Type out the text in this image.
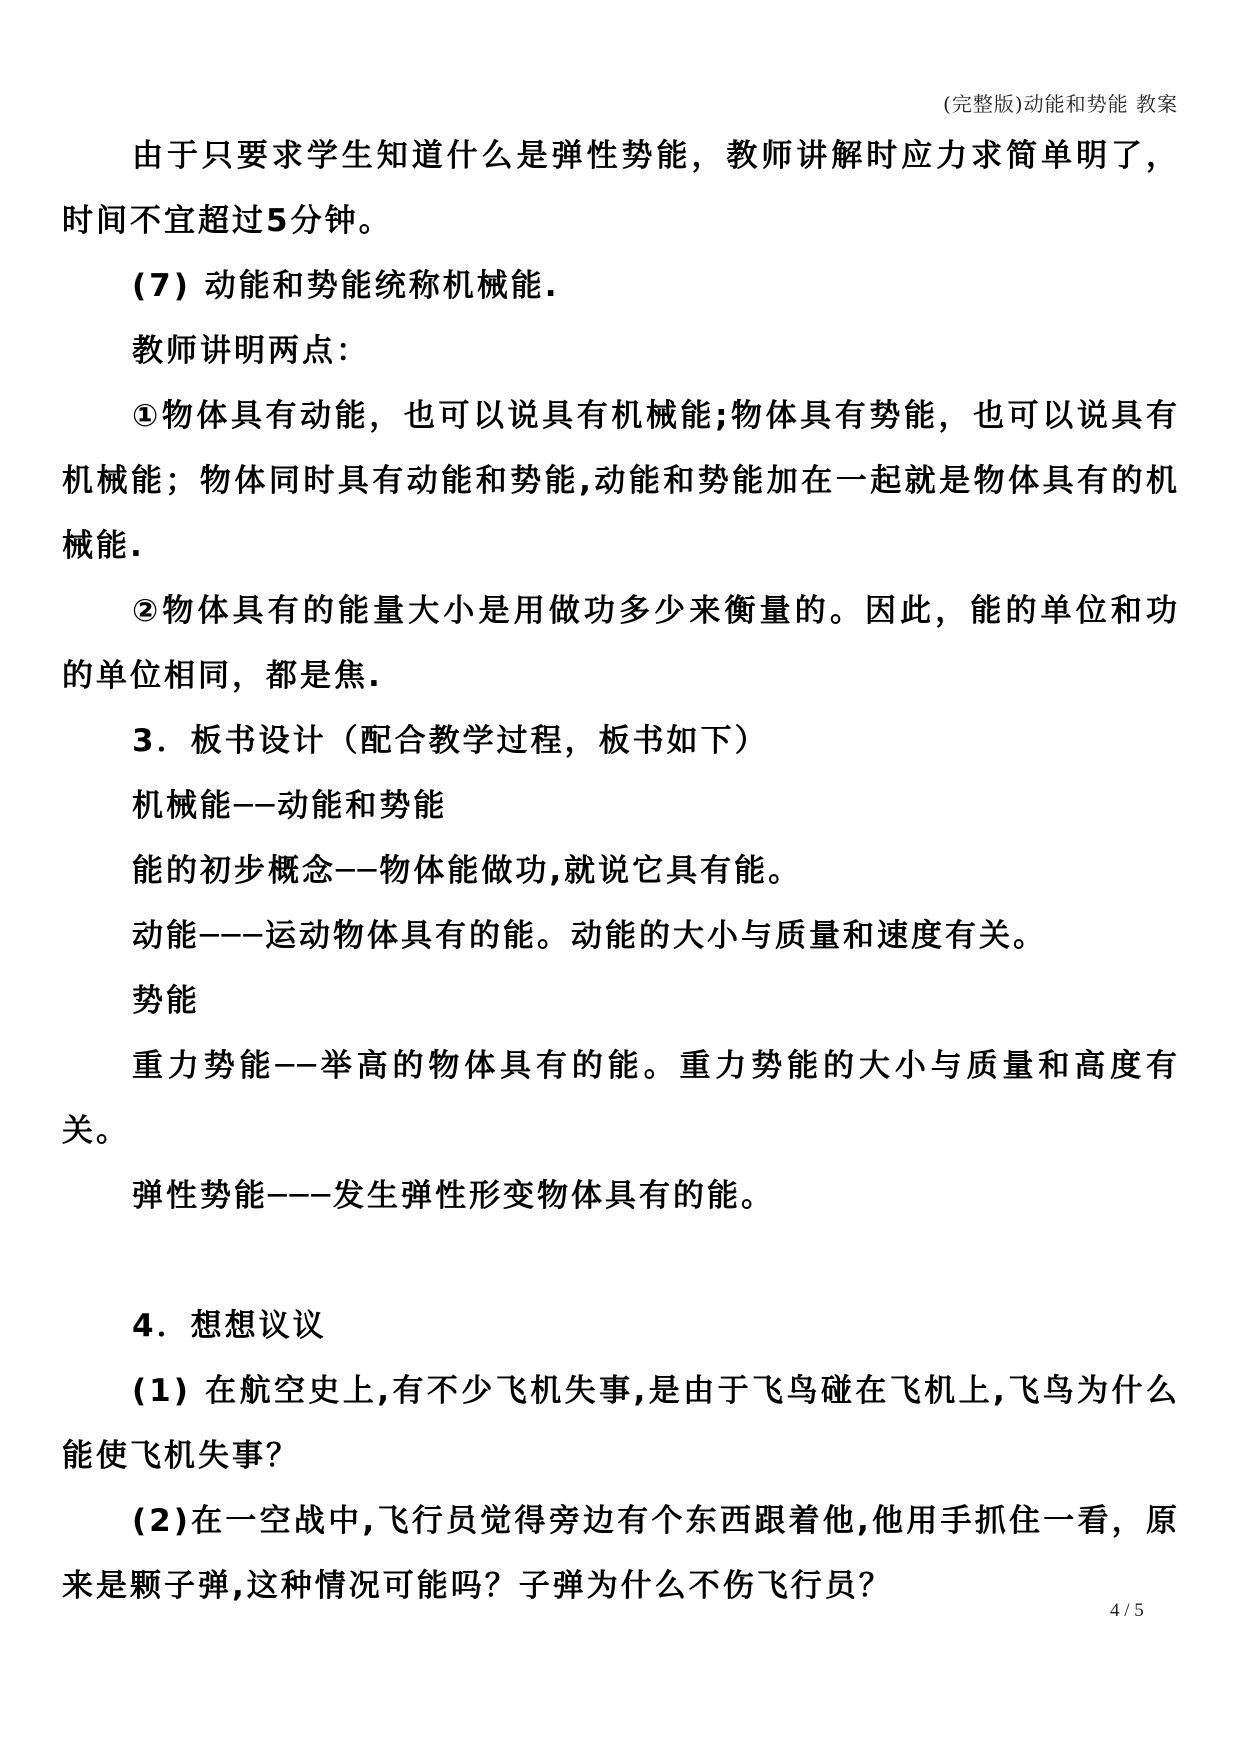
(完整版)动能和势能 教案

由于只要求学生知道什么是弹性势能，教师讲解时应力求简单明了，时间不宜超过5分钟。

(7) 动能和势能统称机械能.

教师讲明两点：

①物体具有动能，也可以说具有机械能;物体具有势能，也可以说具有机械能；物体同时具有动能和势能,动能和势能加在一起就是物体具有的机械能.

②物体具有的能量大小是用做功多少来衡量的。因此，能的单位和功的单位相同，都是焦.

3．板书设计（配合教学过程，板书如下）

机械能──动能和势能

能的初步概念──物体能做功,就说它具有能。

动能───运动物体具有的能。动能的大小与质量和速度有关。

势能

重力势能──举高的物体具有的能。重力势能的大小与质量和高度有关。

弹性势能───发生弹性形变物体具有的能。

4．想想议议

(1) 在航空史上,有不少飞机失事,是由于飞鸟碰在飞机上,飞鸟为什么能使飞机失事？

(2)在一空战中,飞行员觉得旁边有个东西跟着他,他用手抓住一看，原来是颗子弹,这种情况可能吗？子弹为什么不伤飞行员？

4 / 5
